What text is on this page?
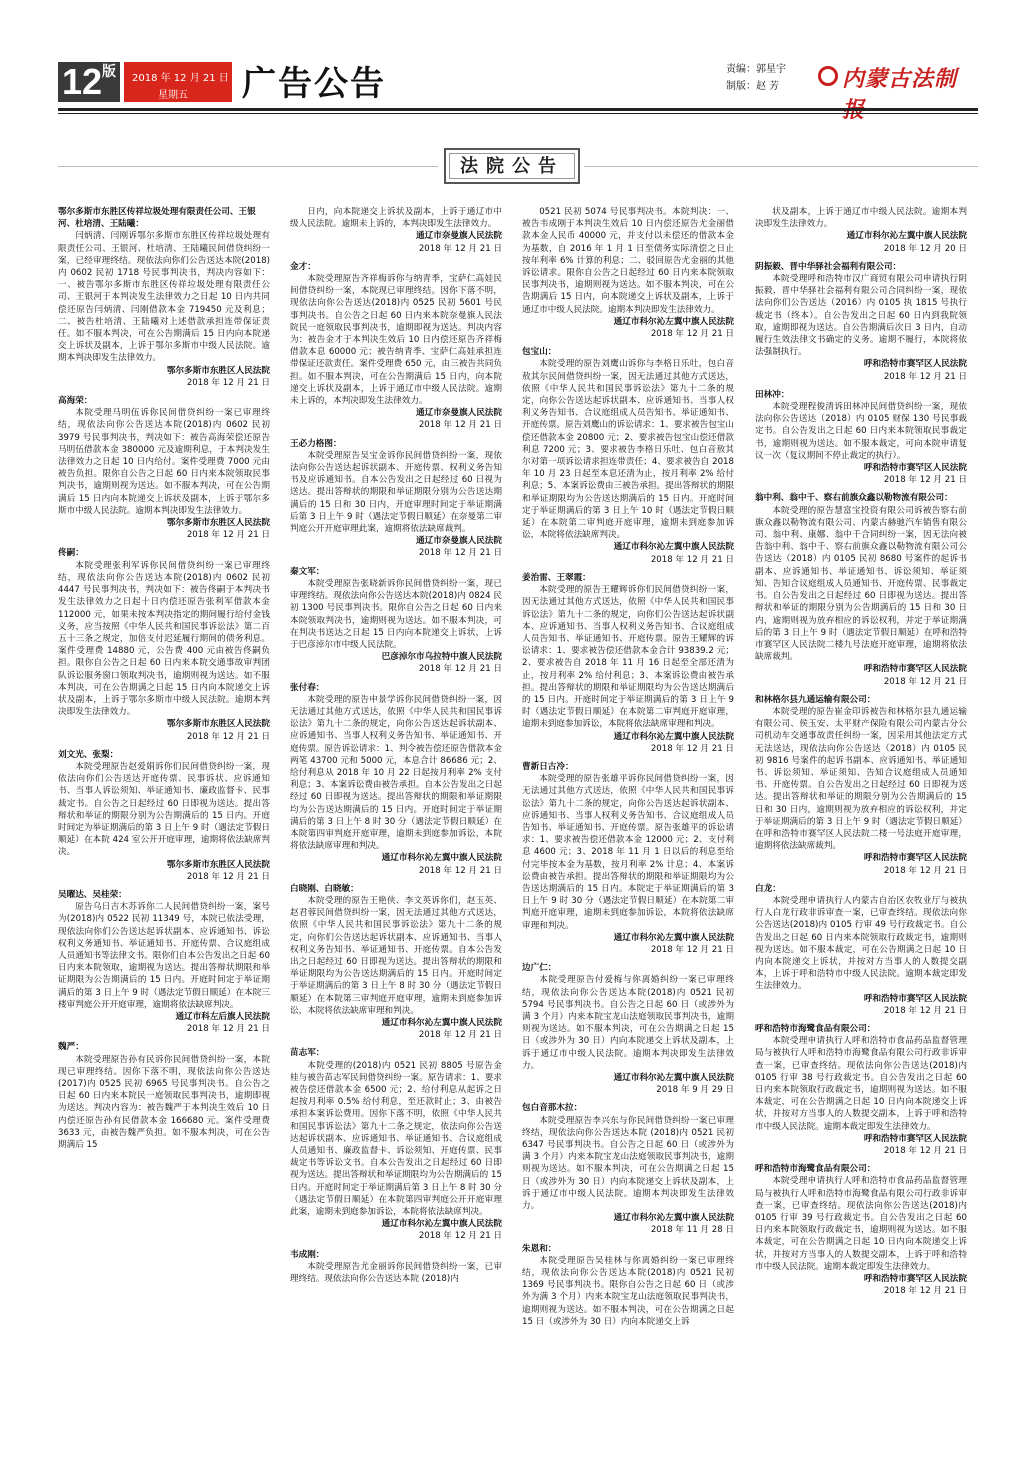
12 版 2018 年 12 月 21 日
星期五 广告公告	责编：郭星宇
制版：赵 芳	内蒙古法制
法院公告

鄂尔多斯市东胜区传祥垃圾处理有限责任公司、王银河、杜培清、王陆曦：

闫炳清、闫刚诉鄂尔多斯市东胜区传祥垃圾处理有限责任公司、王银河、杜培清、王陆曦民间借贷纠纷一案，已经审理终结。现依法向你们公告送达本院(2018)内 0602 民初 1718 号民事判决书，判决内容如下：一、被告鄂尔多斯市东胜区传祥垃圾处理有限责任公司、王银河于本判决发生法律效力之日起 10 日内共同偿还原告闫炳清、闫刚借款本金 719450 元及利息；二、被告杜培清、王陆曦对上述借款承担连带保证责任。如不服本判决，可在公告期满后 15 日内向本院递交上诉状及副本，上诉于鄂尔多斯市中级人民法院。逾期本判决即发生法律效力。

鄂尔多斯市东胜区人民法院

2018 年 12 月 21 日

高海荣：

本院受理马明伍诉你民间借贷纠纷一案已审理终结，现依法向你公告送达本院(2018)内 0602 民初 3979 号民事判决书，判决如下：被告高海荣偿还原告马明伍借款本金 380000 元及逾期利息，于本判决发生法律效力之日起 10 日内给付。案件受理费 7000 元由被告负担。限你自公告之日起 60 日内来本院领取民事判决书，逾期则视为送达。如不服本判决，可在公告期满后 15 日内向本院递交上诉状及副本，上诉于鄂尔多斯市中级人民法院。逾期本判决即发生法律效力。

鄂尔多斯市东胜区人民法院

2018 年 12 月 21 日

佟嗣：

本院受理张利军诉你民间借贷纠纷一案已审理终结，现依法向你公告送达本院(2018)内 0602 民初 4447 号民事判决书，判决如下：被告佟嗣于本判决书发生法律效力之日起十日内偿还原告张利军借款本金 112000 元，如果未按本判决指定的期间履行给付金钱义务，应当按照《中华人民共和国民事诉讼法》第二百五十三条之规定，加倍支付迟延履行期间的债务利息。案件受理费 14880 元，公告费 400 元由被告佟嗣负担。限你自公告之日起 60 日内来本院交通事故审判团队诉讼服务窗口领取判决书，逾期则视为送达。如不服本判决，可在公告期满之日起 15 日内向本院递交上诉状及副本，上诉于鄂尔多斯市中级人民法院。逾期本判决即发生法律效力。

鄂尔多斯市东胜区人民法院

2018 年 12 月 21 日

刘文光、张梨：

本院受理原告赵爱娟诉你们民间借贷纠纷一案，现依法向你们公告送达开庭传票、民事诉状、应诉通知书、当事人诉讼须知、举证通知书、廉政监督卡、民事裁定书。自公告之日起经过 60 日即视为送达。提出答辩状和举证的期限分别为公告期满后的 15 日内。开庭时间定为举证期满后的第 3 日上午 9 时（遇法定节假日顺延）在本院 424 室公开开庭审理，逾期将依法缺席判决。

鄂尔多斯市东胜区人民法院

2018 年 12 月 21 日

吴曜达、吴桂荣：

原告乌日吉木苏诉你二人民间借贷纠纷一案，案号为(2018)内 0522 民初 11349 号，本院已依法受理，现依法向你们公告送达起诉状副本、应诉通知书、诉讼权利义务通知书、举证通知书、开庭传票、合议庭组成人员通知书等法律文书。限你们自本公告发出之日起 60 日内来本院领取，逾期视为送达。提出答辩状期限和举证期限为公告期满后的 15 日内。开庭时间定于举证期满后的第 3 日上午 9 时（遇法定节假日顺延）在本院三楼审判庭公开开庭审理，逾期将依法缺席判决。

通辽市科左后旗人民法院

2018 年 12 月 21 日

魏严：

本院受理原告孙有民诉你民间借贷纠纷一案，本院现已审理终结。因你下落不明，现依法向你公告送达(2017)内 0525 民初 6965 号民事判决书。自公告之日起 60 日内来本院民一庭领取民事判决书，逾期即视为送达。判决内容为：被告魏严于本判决生效后 10 日内偿还原告孙有民借款本金 166680 元。案件受理费 3633 元，由被告魏严负担。如不服本判决，可在公告期满后 15

日内，向本院递交上诉状及副本，上诉于通辽市中级人民法院。逾期未上诉的，本判决即发生法律效力。

通辽市奈曼旗人民法院

2018 年 12 月 21 日

金才：

本院受理原告齐祥梅诉你与纳青季，宝萨仁高娃民间借贷纠纷一案，本院现已审理终结。因你下落不明，现依法向你公告送达(2018)内 0525 民初 5601 号民事判决书。自公告之日起 60 日内来本院奈曼旗人民法院民一庭领取民事判决书，逾期即视为送达。判决内容为：被告金才于本判决生效后 10 日内偿还原告齐祥梅借款本息 60000 元；被告纳青季、宝萨仁高娃承担连带保证还款责任。案件受理费 650 元，由三被告共同负担。如不服本判决，可在公告期满后 15 日内，向本院递交上诉状及副本，上诉于通辽市中级人民法院。逾期未上诉的，本判决即发生法律效力。

通辽市奈曼旗人民法院

2018 年 12 月 21 日

王必力格图：

本院受理原告吴宝金诉你民间借贷纠纷一案，现依法向你公告送达起诉状副本、开庭传票、权利义务告知书及应诉通知书。自本公告发出之日起经过 60 日视为送达。提出答辩状的期限和举证期限分别为公告送达期满后的 15 日和 30 日内，开庭审理时间定于举证期满后第 3 日上午 9 时（遇法定节假日顺延）在奈曼第二审判庭公开开庭审理此案，逾期将依法缺席裁判。

通辽市奈曼旗人民法院

2018 年 12 月 21 日

秦文军：

本院受理原告张晓新诉你民间借贷纠纷一案，现已审理终结。现依法向你公告送达本院(2018)内 0824 民初 1300 号民事判决书。限你自公告之日起 60 日内来本院领取判决书，逾期则视为送达。如不服本判决，可在判决书送达之日起 15 日内向本院递交上诉状，上诉于巴彦淖尔市中级人民法院。

巴彦淖尔市乌拉特中旗人民法院

2018 年 12 月 21 日

张付春：

本院受理的原告申景学诉你民间借贷纠纷一案，因无法通过其他方式送达，依照《中华人民共和国民事诉讼法》第九十二条的规定，向你公告送达起诉状副本、应诉通知书、当事人权利义务告知书、举证通知书、开庭传票。原告诉讼请求：1、判令被告偿还原告借款本金两笔 43700 元和 5000 元，本息合计 86686 元；2、给付利息从 2018 年 10 月 22 日起按月利率 2% 支付利息；3、本案诉讼费由被告承担。自本公告发出之日起经过 60 日即视为送达。提出答辩状的期限和举证期限均为公告送达期满后的 15 日内。开庭时间定于举证期满后的第 3 日上午 8 时 30 分（遇法定节假日顺延）在本院第四审判庭开庭审理，逾期未到庭参加诉讼，本院将依法缺席审理和判决。

通辽市科尔沁左翼中旗人民法院

2018 年 12 月 21 日

白晓刚、白晓敏：

本院受理的原告王艳侠、李文英诉你们，赵玉英、赵君蓉民间借贷纠纷一案，因无法通过其他方式送达，依照《中华人民共和国民事诉讼法》第九十二条的规定，向你们公告送达起诉状副本、应诉通知书、当事人权利义务告知书、举证通知书、开庭传票。自本公告发出之日起经过 60 日即视为送达。提出答辩状的期限和举证期限均为公告送达期满后的 15 日内。开庭时间定于举证期满后的第 3 日上午 8 时 30 分（遇法定节假日顺延）在本院第三审判庭开庭审理，逾期未到庭参加诉讼，本院将依法缺席审理和判决。

通辽市科尔沁左翼中旗人民法院

2018 年 12 月 21 日

苗志军：

本院受理的(2018)内 0521 民初 8805 号原告金桂与被告苗志军民间借贷纠纷一案。原告请求：1、要求被告偿还借款本金 6500 元；2、给付利息从起诉之日起按月利率 0.5% 给付利息，至还款时止；3、由被告承担本案诉讼费用。因你下落不明，依照《中华人民共和国民事诉讼法》第九十二条之规定，依法向你公告送达起诉状副本、应诉通知书、举证通知书、合议庭组成人员通知书、廉政监督卡、诉讼须知、开庭传票、民事裁定书等诉讼文书。自本公告发出之日起经过 60 日即视为送达。提出答辩状和举证期限均为公告期满后的 15 日内。开庭时间定于举证期满后第 3 日上午 8 时 30 分（遇法定节假日顺延）在本院第四审判庭公开开庭审理此案，逾期未到庭参加诉讼，本院将依法缺席判决。

通辽市科尔沁左翼中旗人民法院

2018 年 12 月 21 日

韦成刚：

本院受理原告尤金丽诉你民间借贷纠纷一案，已审理终结。现依法向你公告送达本院 (2018)内

0521 民初 5074 号民事判决书。本院判决：一、被告韦成刚于本判决生效后 10 日内偿还原告尤金丽借款本金人民币 40000 元，并支付以未偿还的借款本金为基数，自 2016 年 1 月 1 日至债务实际清偿之日止按年利率 6% 计算的利息；二、驳回原告尤金丽的其他诉讼请求。限你自公告之日起经过 60 日内来本院领取民事判决书，逾期则视为送达。如不服本判决，可在公告期满后 15 日内，向本院递交上诉状及副本，上诉于通辽市中级人民法院。逾期本判决即发生法律效力。

通辽市科尔沁左翼中旗人民法院

2018 年 12 月 21 日

包宝山：

本院受理的原告刘鹰山诉你与李格日乐吐，包白音敖其尔民间借贷纠纷一案，因无法通过其他方式送达，依照《中华人民共和国民事诉讼法》第九十二条的规定，向你公告送达起诉状副本、应诉通知书、当事人权利义务告知书、合议庭组成人员告知书、举证通知书、开庭传票。原告刘鹰山的诉讼请求：1、要求被告包宝山偿还借款本金 20800 元；2、要求被告包宝山偿还借款利息 7200 元；3、要求被告李格日乐吐、包白音敖其尔对第一项诉讼请求担连带责任；4、要求被告自 2018 年 10 月 23 日起至本息还清为止，按月利率 2% 给付利息；5、本案诉讼费由三被告承担。提出答辩状的期限和举证期限均为公告送达期满后的 15 日内。开庭时间定于举证期满后的第 3 日上午 10 时（遇法定节假日顺延）在本院第二审判庭开庭审理，逾期未到庭参加诉讼，本院将依法缺席判决。

通辽市科尔沁左翼中旗人民法院

2018 年 12 月 21 日

姜治雷、王翠霞：

本院受理的原告王耀辉诉你们民间借贷纠纷一案，因无法通过其他方式送达，依照《中华人民共和国民事诉讼法》第九十二条的规定，向你们公告送达起诉状副本、应诉通知书、当事人权利义务告知书、合议庭组成人员告知书、举证通知书、开庭传票。原告王耀辉的诉讼请求：1、要求被告偿还借款本金合计 93839.2 元；2、要求被告自 2018 年 11 月 16 日起至全部还清为止，按月利率 2% 给付利息；3、本案诉讼费由被告承担。提出答辩状的期限和举证期限均为公告送达期满后的 15 日内。开庭时间定于举证期满后的第 3 日上午 9 时（遇法定节假日顺延）在本院第二审判庭开庭审理，逾期未到庭参加诉讼，本院将依法缺席审理和判决。

通辽市科尔沁左翼中旗人民法院

2018 年 12 月 21 日

曹新日古冷：

本院受理的原告张雄平诉你民间借贷纠纷一案，因无法通过其他方式送达，依照《中华人民共和国民事诉讼法》第九十二条的规定，向你公告送达起诉状副本、应诉通知书、当事人权利义务告知书、合议庭组成人员告知书、举证通知书、开庭传票。原告张雄平的诉讼请求：1、要求被告偿还借款本金 12000 元；2、支付利息 4600 元；3、2018 年 11 月 1 日以后的利息至给付完毕按本金为基数，按月利率 2% 计息；4、本案诉讼费由被告承担。提出答辩状的期限和举证期限均为公告送达期满后的 15 日内。本院定于举证期满后的第 3 日上午 9 时 30 分（遇法定节假日顺延）在本院第二审判庭开庭审理，逾期未到庭参加诉讼，本院将依法缺席审理和判决。

通辽市科尔沁左翼中旗人民法院

2018 年 12 月 21 日

边广仁：

本院受理原告付爱梅与你离婚纠纷一案已审理终结，现依法向你公告送达本院(2018)内 0521 民初 5794 号民事判决书。自公告之日起 60 日（或涉外为满 3 个月）内来本院宝龙山法庭领取民事判决书，逾期则视为送达。如不服本判决，可在公告期满之日起 15 日（或涉外为 30 日）内向本院递交上诉状及副本，上诉于通辽市中级人民法院。逾期本判决即发生法律效力。

通辽市科尔沁左翼中旗人民法院

2018 年 9 月 29 日

包白音那木拉：

本院受理原告李兴东与你民间借贷纠纷一案已审理终结，现依法向你公告送达本院 (2018)内 0521 民初 6347 号民事判决书。自公告之日起 60 日（或涉外为满 3 个月）内来本院宝龙山法庭领取民事判决书，逾期则视为送达。如不服本判决，可在公告期满之日起 15 日（或涉外为 30 日）内向本院递交上诉状及副本，上诉于通辽市中级人民法院。逾期本判决即发生法律效力。

通辽市科尔沁左翼中旗人民法院

2018 年 11 月 28 日

朱恩和：

本院受理原告吴桂林与你离婚纠纷一案已审理终结，现依法向你公告送达本院(2018)内 0521 民初 1369 号民事判决书。限你自公告之日起 60 日（或涉外为满 3 个月）内来本院宝龙山法庭领取民事判决书，逾期则视为送达。如不服本判决，可在公告期满之日起 15 日（或涉外为 30 日）内向本院递交上诉

状及副本，上诉于通辽市中级人民法院。逾期本判决即发生法律效力。

通辽市科尔沁左翼中旗人民法院

2018 年 12 月 20 日

阴振毅、晋中华驿社会福利有限公司：

本院受理呼和浩特市汉广商贸有限公司申请执行阴振毅、晋中华驿社会福利有限公司合同纠纷一案，现依法向你们公告送达（2016）内 0105 执 1815 号执行裁定书（终本）。自公告发出之日起 60 日内到我院领取，逾期即视为送达。自公告期满后次日 3 日内，自动履行生效法律文书确定的义务。逾期不履行，本院将依法强制执行。

呼和浩特市赛罕区人民法院

2018 年 12 月 21 日

田林冲：

本院受理程俊清诉田林冲民间借贷纠纷一案，现依法向你公告送达（2018）内 0105 财保 130 号民事裁定书。自公告发出之日起 60 日内来本院领取民事裁定书，逾期则视为送达。如不服本裁定，可向本院申请复议一次（复议期间不停止裁定的执行）。

呼和浩特市赛罕区人民法院

2018 年 12 月 21 日

翁中利、翁中千、察右前旗众鑫以勒物流有限公司：

本院受理的原告慧富宝投资有限公司诉被告察右前旗众鑫以勒物流有限公司、内蒙古赫驰汽车销售有限公司、翁中利、康娜、翁中千合同纠纷一案，因无法向被告翁中利、翁中千、察右前旗众鑫以勒物流有限公司公告送达（2018）内 0105 民初 8680 号案件的起诉书副本、应诉通知书、举证通知书、诉讼须知、举证须知、告知合议庭组成人员通知书、开庭传票、民事裁定书。自公告发出之日起经过 60 日即视为送达。提出答辩状和举证的期限分别为公告期满后的 15 日和 30 日内，逾期则视为放弃相应的诉讼权利，并定于举证期满后的第 3 日上午 9 时（遇法定节假日顺延）在呼和浩特市赛罕区人民法院二楼九号法庭开庭审理，逾期将依法缺席裁判。

呼和浩特市赛罕区人民法院

2018 年 12 月 21 日

和林格尔县九通运输有限公司：

本院受理的原告崔金印诉被告和林格尔县九通运输有限公司、侯玉安、太平财产保险有限公司内蒙古分公司机动车交通事故责任纠纷一案，因采用其他法定方式无法送达，现依法向你公告送达（2018）内 0105 民初 9816 号案件的起诉书副本、应诉通知书、举证通知书、诉讼须知、举证须知、告知合议庭组成人员通知书、开庭传票。自公告发出之日起经过 60 日即视为送达。提出答辩状和举证的期限分别为公告期满后的 15 日和 30 日内，逾期则视为放弃相应的诉讼权利，并定于举证期满后的第 3 日上午 9 时（遇法定节假日顺延）在呼和浩特市赛罕区人民法院二楼一号法庭开庭审理，逾期将依法缺席裁判。

呼和浩特市赛罕区人民法院

2018 年 12 月 21 日

白龙：

本院受理申请执行人内蒙古自治区农牧业厅与被执行人白龙行政非诉审查一案，已审查终结。现依法向你公告送达(2018)内 0105 行审 49 号行政裁定书。自公告发出之日起 60 日内来本院领取行政裁定书，逾期则视为送达。如不服本裁定，可在公告期满之日起 10 日内向本院递交上诉状，并按对方当事人的人数提交副本，上诉于呼和浩特市中级人民法院。逾期本裁定即发生法律效力。

呼和浩特市赛罕区人民法院

2018 年 12 月 21 日

呼和浩特市海鹭食品有限公司：

本院受理申请执行人呼和浩特市食品药品监督管理局与被执行人呼和浩特市海鹭食品有限公司行政非诉审查一案，已审查终结。现依法向你公告送达(2018)内 0105 行审 38 号行政裁定书。自公告发出之日起 60 日内来本院领取行政裁定书，逾期则视为送达。如不服本裁定，可在公告期满之日起 10 日内向本院递交上诉状，并按对方当事人的人数提交副本，上诉于呼和浩特市中级人民法院。逾期本裁定即发生法律效力。

呼和浩特市赛罕区人民法院

2018 年 12 月 21 日

呼和浩特市海鹭食品有限公司：

本院受理申请执行人呼和浩特市食品药品监督管理局与被执行人呼和浩特市海鹭食品有限公司行政非诉审查一案，已审查终结。现依法向你公告送达(2018)内 0105 行审 39 号行政裁定书。自公告发出之日起 60 日内来本院领取行政裁定书，逾期则视为送达。如不服本裁定，可在公告期满之日起 10 日内向本院递交上诉状，并按对方当事人的人数提交副本，上诉于呼和浩特市中级人民法院。逾期本裁定即发生法律效力。

呼和浩特市赛罕区人民法院

2018 年 12 月 21 日
